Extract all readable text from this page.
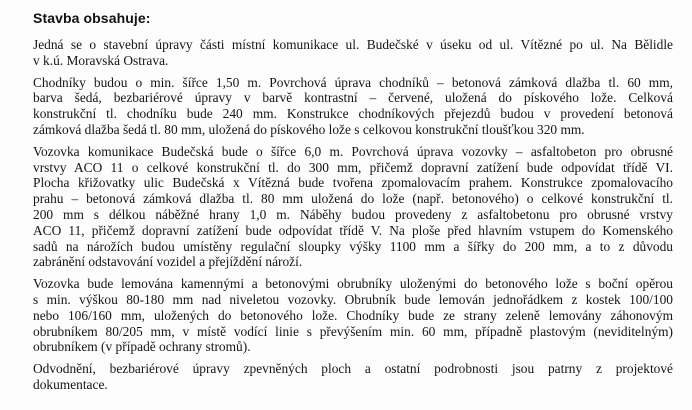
Stavba obsahuje:
Jedná se o stavební úpravy části místní komunikace ul. Budečské v úseku od ul. Vítězné po ul. Na Bělidle
v k.ú. Moravská Ostrava.
Chodníky budou o min. šířce 1,50 m. Povrchová úprava chodníků – betonová zámková dlažba tl. 60 mm,
barva šedá, bezbariérové úpravy v barvě kontrastní – červené, uložená do pískového lože. Celková
konstrukční tl. chodníku bude 240 mm. Konstrukce chodníkových přejezdů budou v provedení betonová
zámková dlažba šedá tl. 80 mm, uložená do pískového lože s celkovou konstrukční tloušťkou 320 mm.
Vozovka komunikace Budečská bude o šířce 6,0 m. Povrchová úprava vozovky – asfaltobeton pro obrusné
vrstvy ACO 11 o celkové konstrukční tl. do 300 mm, přičemž dopravní zatížení bude odpovídat třídě VI.
Plocha křižovatky ulic Budečská x Vítězná bude tvořena zpomalovacím prahem. Konstrukce zpomalovacího
prahu – betonová zámková dlažba tl. 80 mm uložená do lože (např. betonového) o celkové konstrukční tl.
200 mm s délkou náběžné hrany 1,0 m. Náběhy budou provedeny z asfaltobetonu pro obrusné vrstvy
ACO 11, přičemž dopravní zatížení bude odpovídat třídě V. Na ploše před hlavním vstupem do Komenského
sadů na nárožích budou umístěny regulační sloupky výšky 1100 mm a šířky do 200 mm, a to z důvodu
zabránění odstavování vozidel a přejíždění nároží.
Vozovka bude lemována kamennými a betonovými obrubníky uloženými do betonového lože s boční opěrou
s min. výškou 80-180 mm nad niveletou vozovky. Obrubník bude lemován jednořádkem z kostek 100/100
nebo 106/160 mm, uložených do betonového lože. Chodníky bude ze strany zeleně lemovány záhonovým
obrubníkem 80/205 mm, v místě vodící linie s převýšením min. 60 mm, případně plastovým (neviditelným)
obrubníkem (v případě ochrany stromů).
Odvodnění, bezbariérové úpravy zpevněných ploch a ostatní podrobnosti jsou patrny z projektové
dokumentace.
